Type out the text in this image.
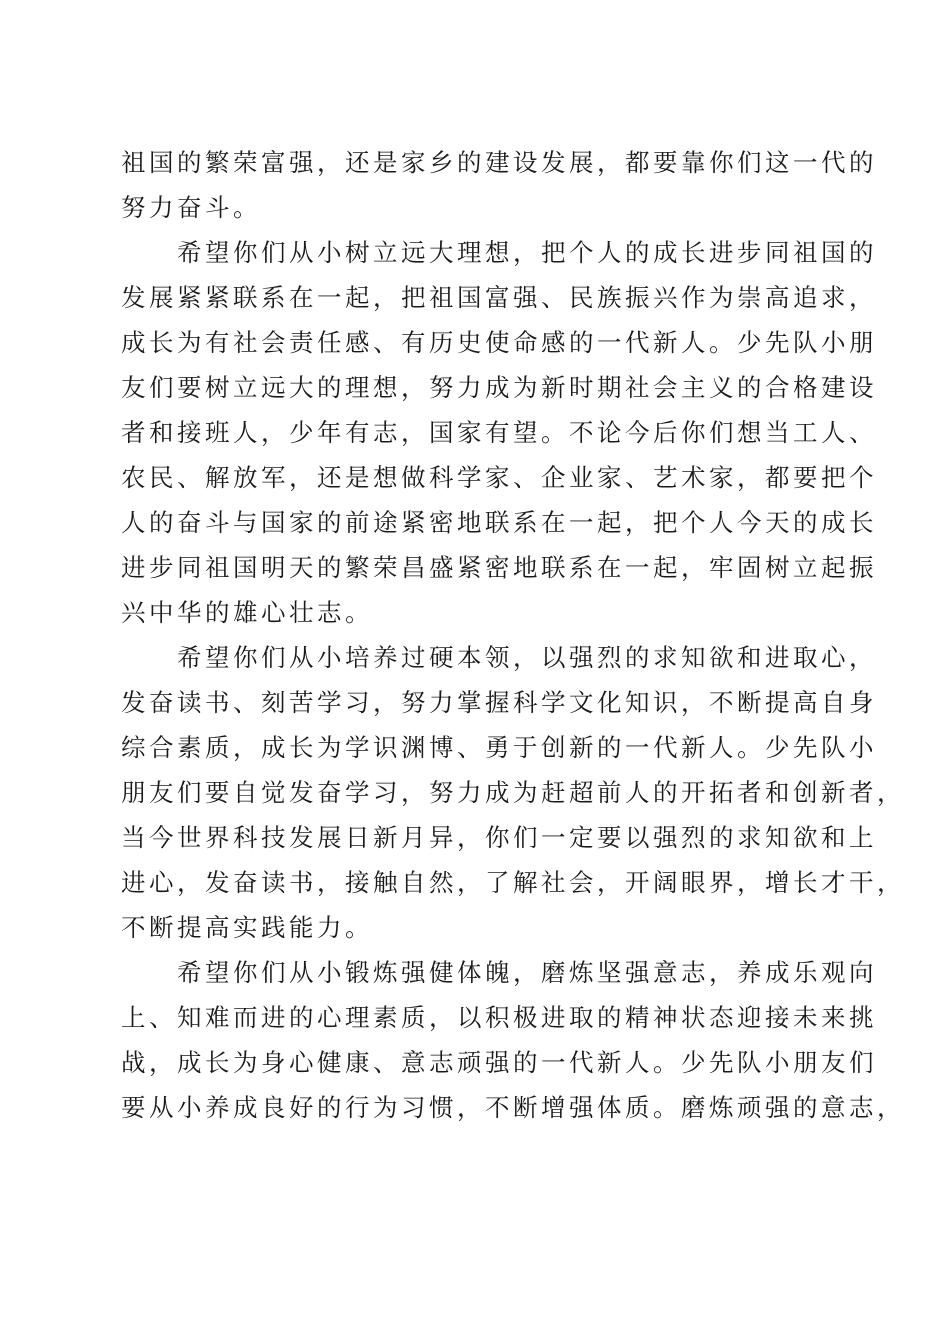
祖国的繁荣富强，还是家乡的建设发展，都要靠你们这一代的
努力奋斗。
　　希望你们从小树立远大理想，把个人的成长进步同祖国的
发展紧紧联系在一起，把祖国富强、民族振兴作为崇高追求，
成长为有社会责任感、有历史使命感的一代新人。少先队小朋
友们要树立远大的理想，努力成为新时期社会主义的合格建设
者和接班人，少年有志，国家有望。不论今后你们想当工人、
农民、解放军，还是想做科学家、企业家、艺术家，都要把个
人的奋斗与国家的前途紧密地联系在一起，把个人今天的成长
进步同祖国明天的繁荣昌盛紧密地联系在一起，牢固树立起振
兴中华的雄心壮志。
　　希望你们从小培养过硬本领，以强烈的求知欲和进取心，
发奋读书、刻苦学习，努力掌握科学文化知识，不断提高自身
综合素质，成长为学识渊博、勇于创新的一代新人。少先队小
朋友们要自觉发奋学习，努力成为赶超前人的开拓者和创新者，
当今世界科技发展日新月异，你们一定要以强烈的求知欲和上
进心，发奋读书，接触自然，了解社会，开阔眼界，增长才干，
不断提高实践能力。
　　希望你们从小锻炼强健体魄，磨炼坚强意志，养成乐观向
上、知难而进的心理素质，以积极进取的精神状态迎接未来挑
战，成长为身心健康、意志顽强的一代新人。少先队小朋友们
要从小养成良好的行为习惯，不断增强体质。磨炼顽强的意志，
